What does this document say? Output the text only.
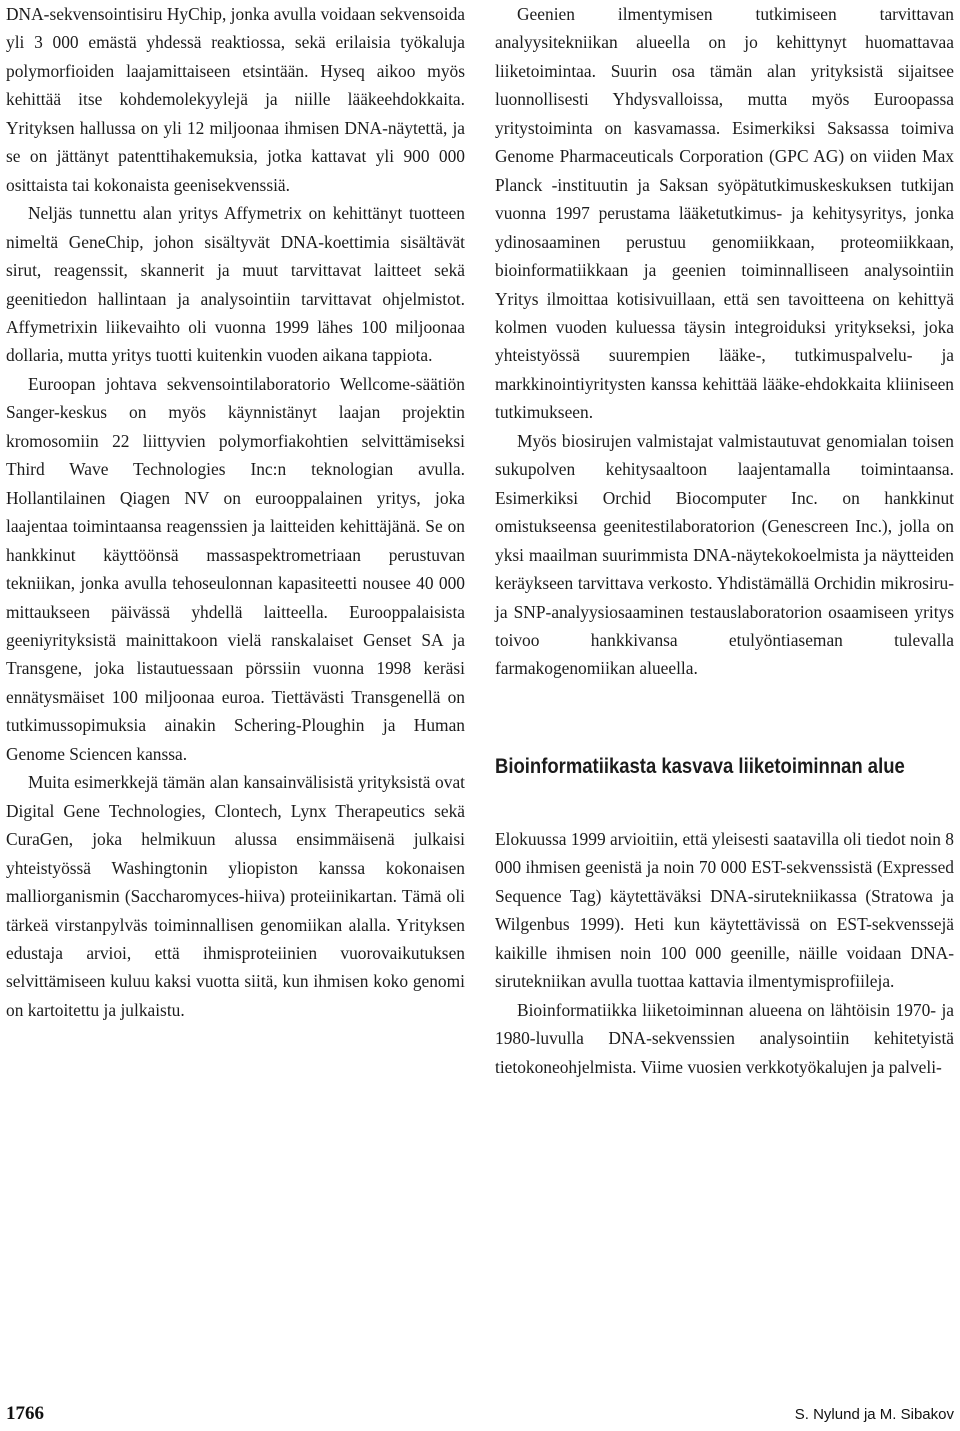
DNA-sekvensointisiru HyChip, jonka avulla voidaan sekvensoida yli 3 000 emästä yhdessä reaktiossa, sekä erilaisia työkaluja polymorfioiden laajamittaiseen etsintään. Hyseq aikoo myös kehittää itse kohdemolekyylejä ja niille lääkeehdokkaita. Yrityksen hallussa on yli 12 miljoonaa ihmisen DNA-näytettä, ja se on jättänyt patenttihakemuksia, jotka kattavat yli 900 000 osittaista tai kokonaista geenisekvenssiä.

Neljäs tunnettu alan yritys Affymetrix on kehittänyt tuotteen nimeltä GeneChip, johon sisältyvät DNA-koettimia sisältävät sirut, reagenssit, skannerit ja muut tarvittavat laitteet sekä geenitiedon hallintaan ja analysointiin tarvittavat ohjelmistot. Affymetrixin liikevaihto oli vuonna 1999 lähes 100 miljoonaa dollaria, mutta yritys tuotti kuitenkin vuoden aikana tappiota.

Euroopan johtava sekvensointilaboratorio Wellcome-säätiön Sanger-keskus on myös käynnistänyt laajan projektin kromosomiin 22 liittyvien polymorfiakohtien selvittämiseksi Third Wave Technologies Inc:n teknologian avulla. Hollantilainen Qiagen NV on eurooppalainen yritys, joka laajentaa toimintaansa reagenssien ja laitteiden kehittäjänä. Se on hankkinut käyttöönsä massaspektrometriaan perustuvan tekniikan, jonka avulla tehoseulonnan kapasiteetti nousee 40 000 mittaukseen päivässä yhdellä laitteella. Eurooppalaisista geeniyrityksistä mainittakoon vielä ranskalaiset Genset SA ja Transgene, joka listautuessaan pörssiin vuonna 1998 keräsi ennätysmäiset 100 miljoonaa euroa. Tiettävästi Transgenellä on tutkimussopimuksia ainakin Schering-Ploughin ja Human Genome Sciencen kanssa.

Muita esimerkkejä tämän alan kansainvälisistä yrityksistä ovat Digital Gene Technologies, Clontech, Lynx Therapeutics sekä CuraGen, joka helmikuun alussa ensimmäisenä julkaisi yhteistyössä Washingtonin yliopiston kanssa kokonaisen malliorganismin (Saccharomyces-hiiva) proteiinikartan. Tämä oli tärkeä virstanpylväs toiminnallisen genomiikan alalla. Yrityksen edustaja arvioi, että ihmisproteiinien vuorovaikutuksen selvittämiseen kuluu kaksi vuotta siitä, kun ihmisen koko genomi on kartoitettu ja julkaistu.

Geenien ilmentymisen tutkimiseen tarvittavan analyysitekniikan alueella on jo kehittynyt huomattavaa liiketoimintaa. Suurin osa tämän alan yrityksistä sijaitsee luonnollisesti Yhdysvalloissa, mutta myös Euroopassa yritystoiminta on kasvamassa. Esimerkiksi Saksassa toimiva Genome Pharmaceuticals Corporation (GPC AG) on viiden Max Planck -instituutin ja Saksan syöpätutkimuskeskuksen tutkijan vuonna 1997 perustama lääketutkimus- ja kehitysyritys, jonka ydinosaaminen perustuu genomiikkaan, proteomiikkaan, bioinformatiikkaan ja geenien toiminnalliseen analysointiin Yritys ilmoittaa kotisivuillaan, että sen tavoitteena on kehittyä kolmen vuoden kuluessa täysin integroiduksi yritykseksi, joka yhteistyössä suurempien lääke-, tutkimuspalvelu- ja markkinointiyritysten kanssa kehittää lääke-ehdokkaita kliiniseen tutkimukseen.

Myös biosirujen valmistajat valmistautuvat genomialan toisen sukupolven kehitysaaltoon laajentamalla toimintaansa. Esimerkiksi Orchid Biocomputer Inc. on hankkinut omistukseensa geenitestilaboratorion (Genescreen Inc.), jolla on yksi maailman suurimmista DNA-näytekokoelmista ja näytteiden keräykseen tarvittava verkosto. Yhdistämällä Orchidin mikrosiru- ja SNP-analyysiosaaminen testauslaboratorion osaamiseen yritys toivoo hankkivansa etulyöntiaseman tulevalla farmakogenomiikan alueella.

Bioinformatiikasta kasvava liiketoiminnan alue

Elokuussa 1999 arvioitiin, että yleisesti saatavilla oli tiedot noin 8 000 ihmisen geenistä ja noin 70 000 EST-sekvenssistä (Expressed Sequence Tag) käytettäväksi DNA-sirutekniikassa (Stratowa ja Wilgenbus 1999). Heti kun käytettävissä on EST-sekvenssejä kaikille ihmisen noin 100 000 geenille, näille voidaan DNA-sirutekniikan avulla tuottaa kattavia ilmentymisprofiileja.

Bioinformatiikka liiketoiminnan alueena on lähtöisin 1970- ja 1980-luvulla DNA-sekvenssien analysointiin kehitetyistä tietokoneohjelmista. Viime vuosien verkkotyökalujen ja palveli-

1766	S. Nylund ja M. Sibakov
